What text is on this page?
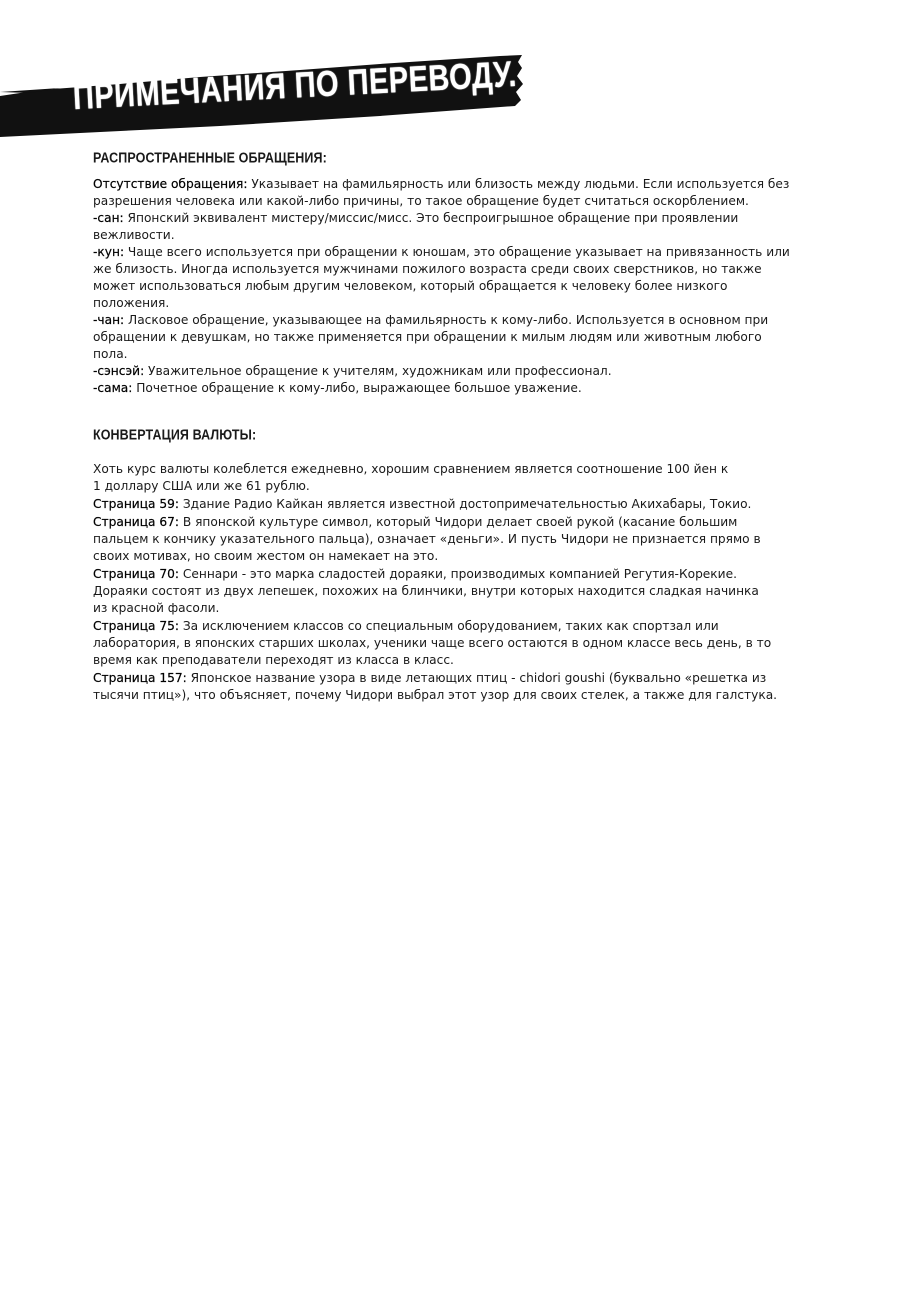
ПРИМЕЧАНИЯ ПО ПЕРЕВОДУ.
РАСПРОСТРАНЕННЫЕ ОБРАЩЕНИЯ:

Отсутствие обращения: Указывает на фамильярность или близость между людьми. Если используется без
разрешения человека или какой-либо причины, то такое обращение будет считаться оскорблением.

-сан: Японский эквивалент мистеру/миссис/мисс. Это беспроигрышное обращение при проявлении
вежливости.

-кун: Чаще всего используется при обращении к юношам, это обращение указывает на привязанность или
же близость. Иногда используется мужчинами пожилого возраста среди своих сверстников, но также
может использоваться любым другим человеком, который обращается к человеку более низкого
положения.

-чан: Ласковое обращение, указывающее на фамильярность к кому-либо. Используется в основном при
обращении к девушкам, но также применяется при обращении к милым людям или животным любого
пола.

-сэнсэй: Уважительное обращение к учителям, художникам или профессионал.

-сама: Почетное обращение к кому-либо, выражающее большое уважение.

КОНВЕРТАЦИЯ ВАЛЮТЫ:

Хоть курс валюты колеблется ежедневно, хорошим сравнением является соотношение 100 йен к
1 доллару США или же 61 рублю.

Страница 59: Здание Радио Кайкан является известной достопримечательностью Акихабары, Токио.

Страница 67: В японской культуре символ, который Чидори делает своей рукой (касание большим
пальцем к кончику указательного пальца), означает «деньги». И пусть Чидори не признается прямо в
своих мотивах, но своим жестом он намекает на это.

Страница 70: Сеннари - это марка сладостей дораяки, производимых компанией Регутия-Корекие.
Дораяки состоят из двух лепешек, похожих на блинчики, внутри которых находится сладкая начинка
из красной фасоли.

Страница 75: За исключением классов со специальным оборудованием, таких как спортзал или
лаборатория, в японских старших школах, ученики чаще всего остаются в одном классе весь день, в то
время как преподаватели переходят из класса в класс.

Страница 157: Японское название узора в виде летающих птиц - chidori goushi (буквально «решетка из
тысячи птиц»), что объясняет, почему Чидори выбрал этот узор для своих стелек, а также для галстука.
